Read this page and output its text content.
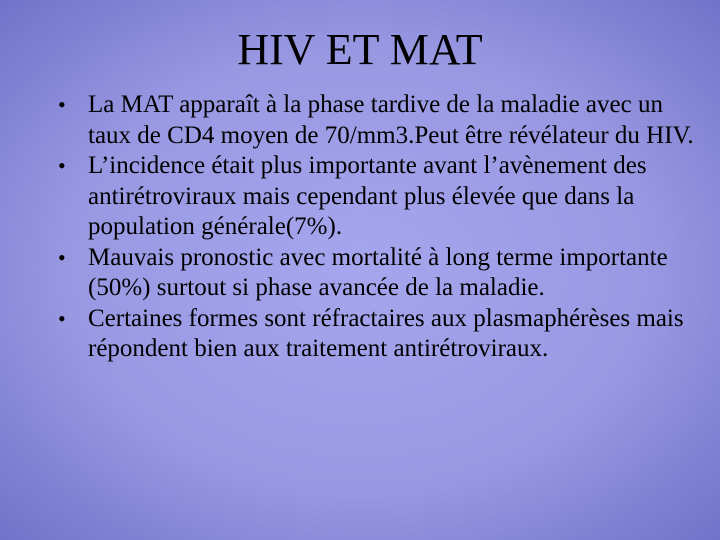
HIV ET MAT
• La MAT apparaît à la phase tardive de la maladie avec un taux de CD4 moyen de 70/mm3.Peut être révélateur du HIV.
• L’incidence était plus importante avant l’avènement des antirétroviraux mais cependant plus élevée que dans la population générale(7%).
• Mauvais pronostic avec mortalité à long terme importante (50%) surtout si phase avancée de la maladie.
• Certaines formes sont réfractaires aux plasmaphérèses mais répondent bien aux traitement antirétroviraux.
